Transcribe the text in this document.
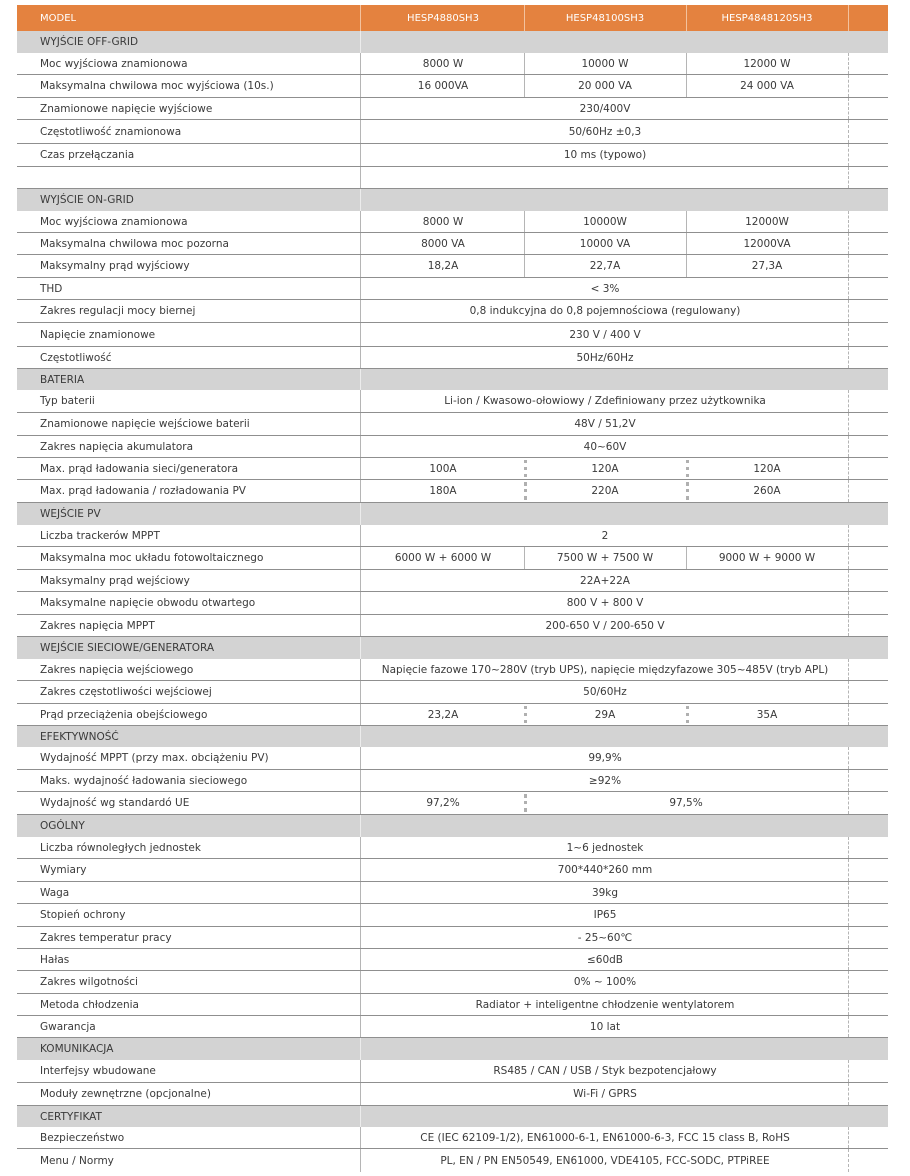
MODEL	HESP4880SH3	HESP48100SH3	HESP4848120SH3
WYJŚCIE OFF-GRID
Moc wyjściowa znamionowa	8000 W	10000 W	12000 W
Maksymalna chwilowa moc wyjściowa (10s.)	16 000VA	20 000 VA	24 000 VA
Znamionowe napięcie wyjściowe	230/400V
Częstotliwość znamionowa	50/60Hz ±0,3
Czas przełączania	10 ms (typowo)
WYJŚCIE ON-GRID
Moc wyjściowa znamionowa	8000 W	10000W	12000W
Maksymalna chwilowa moc pozorna	8000 VA	10000 VA	12000VA
Maksymalny prąd wyjściowy	18,2A	22,7A	27,3A
THD	< 3%
Zakres regulacji mocy biernej	0,8 indukcyjna do 0,8 pojemnościowa (regulowany)
Napięcie znamionowe	230 V / 400 V
Częstotliwość	50Hz/60Hz
BATERIA
Typ baterii	Li-ion / Kwasowo-ołowiowy / Zdefiniowany przez użytkownika
Znamionowe napięcie wejściowe baterii	48V / 51,2V
Zakres napięcia akumulatora	40~60V
Max. prąd ładowania sieci/generatora	100A	120A	120A
Max. prąd ładowania / rozładowania PV	180A	220A	260A
WEJŚCIE PV
Liczba trackerów MPPT	2
Maksymalna moc układu fotowoltaicznego	6000 W + 6000 W	7500 W + 7500 W	9000 W + 9000 W
Maksymalny prąd wejściowy	22A+22A
Maksymalne napięcie obwodu otwartego	800 V + 800 V
Zakres napięcia MPPT	200-650 V / 200-650 V
WEJŚCIE SIECIOWE/GENERATORA
Zakres napięcia wejściowego	Napięcie fazowe 170~280V (tryb UPS), napięcie międzyfazowe 305~485V (tryb APL)
Zakres częstotliwości wejściowej	50/60Hz
Prąd przeciążenia obejściowego	23,2A	29A	35A
EFEKTYWNOŚĆ
Wydajność MPPT (przy max. obciążeniu PV)	99,9%
Maks. wydajność ładowania sieciowego	≥92%
Wydajność wg standardó UE	97,2%	97,5%
OGÓLNY
Liczba równoległych jednostek	1~6 jednostek
Wymiary	700*440*260 mm
Waga	39kg
Stopień ochrony	IP65
Zakres temperatur pracy	- 25~60℃
Hałas	≤60dB
Zakres wilgotności	0% ~ 100%
Metoda chłodzenia	Radiator + inteligentne chłodzenie wentylatorem
Gwarancja	10 lat
KOMUNIKACJA
Interfejsy wbudowane	RS485 / CAN / USB / Styk bezpotencjałowy
Moduły zewnętrzne (opcjonalne)	Wi-Fi / GPRS
CERTYFIKAT
Bezpieczeństwo	CE (IEC 62109-1/2), EN61000-6-1, EN61000-6-3, FCC 15 class B, RoHS
Menu / Normy	PL, EN / PN EN50549, EN61000, VDE4105, FCC-SODC, PTPiREE
